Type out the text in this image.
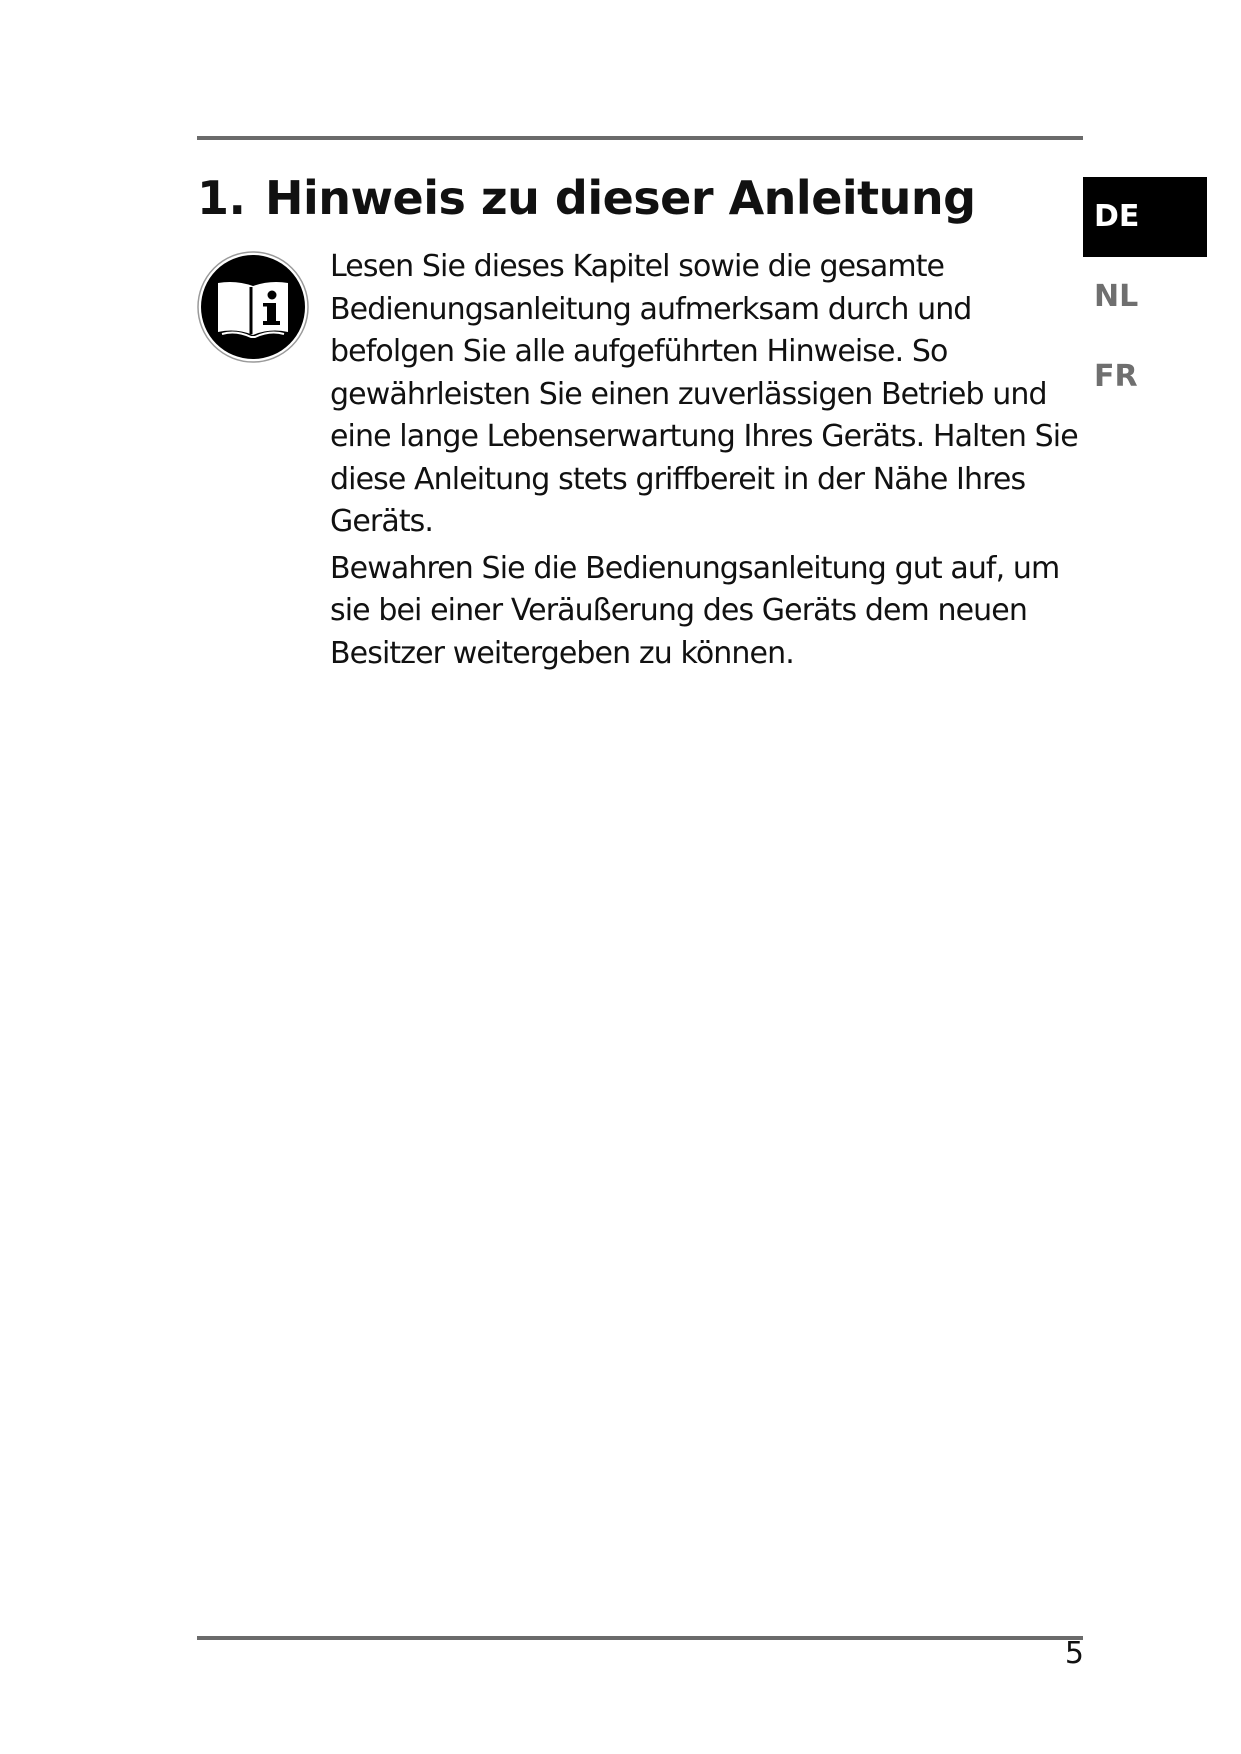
1. Hinweis zu dieser Anleitung

Lesen Sie dieses Kapitel sowie die gesamte Bedienungsanleitung aufmerksam durch und befolgen Sie alle aufgeführten Hinweise. So gewährleisten Sie einen zuverlässigen Betrieb und eine lange Lebenserwartung Ihres Geräts. Halten Sie diese Anleitung stets griffbereit in der Nähe Ihres Geräts.

Bewahren Sie die Bedienungsanleitung gut auf, um sie bei einer Veräußerung des Geräts dem neuen Besitzer weitergeben zu können.

DE
NL
FR
5
